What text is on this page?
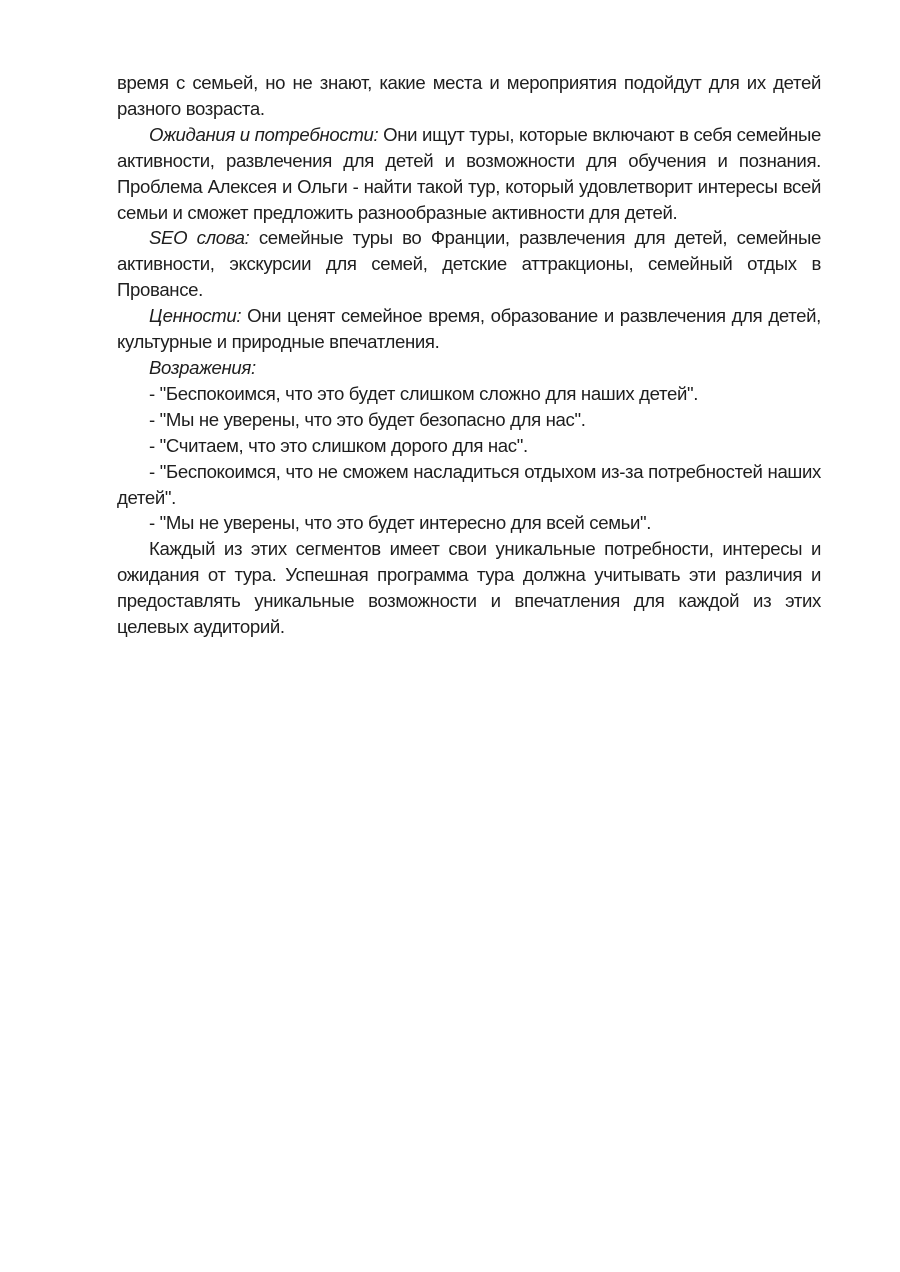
время с семьей, но не знают, какие места и мероприятия подойдут для их детей разного возраста.

Ожидания и потребности: Они ищут туры, которые включают в себя семейные активности, развлечения для детей и возможности для обучения и познания. Проблема Алексея и Ольги - найти такой тур, который удовлетворит интересы всей семьи и сможет предложить разнообразные активности для детей.

SEO слова: семейные туры во Франции, развлечения для детей, семейные активности, экскурсии для семей, детские аттракционы, семейный отдых в Провансе.

Ценности: Они ценят семейное время, образование и развлечения для детей, культурные и природные впечатления.

Возражения:

- "Беспокоимся, что это будет слишком сложно для наших детей".

- "Мы не уверены, что это будет безопасно для нас".

- "Считаем, что это слишком дорого для нас".

- "Беспокоимся, что не сможем насладиться отдыхом из-за потребностей наших детей".

- "Мы не уверены, что это будет интересно для всей семьи".

Каждый из этих сегментов имеет свои уникальные потребности, интересы и ожидания от тура. Успешная программа тура должна учитывать эти различия и предоставлять уникальные возможности и впечатления для каждой из этих целевых аудиторий.
